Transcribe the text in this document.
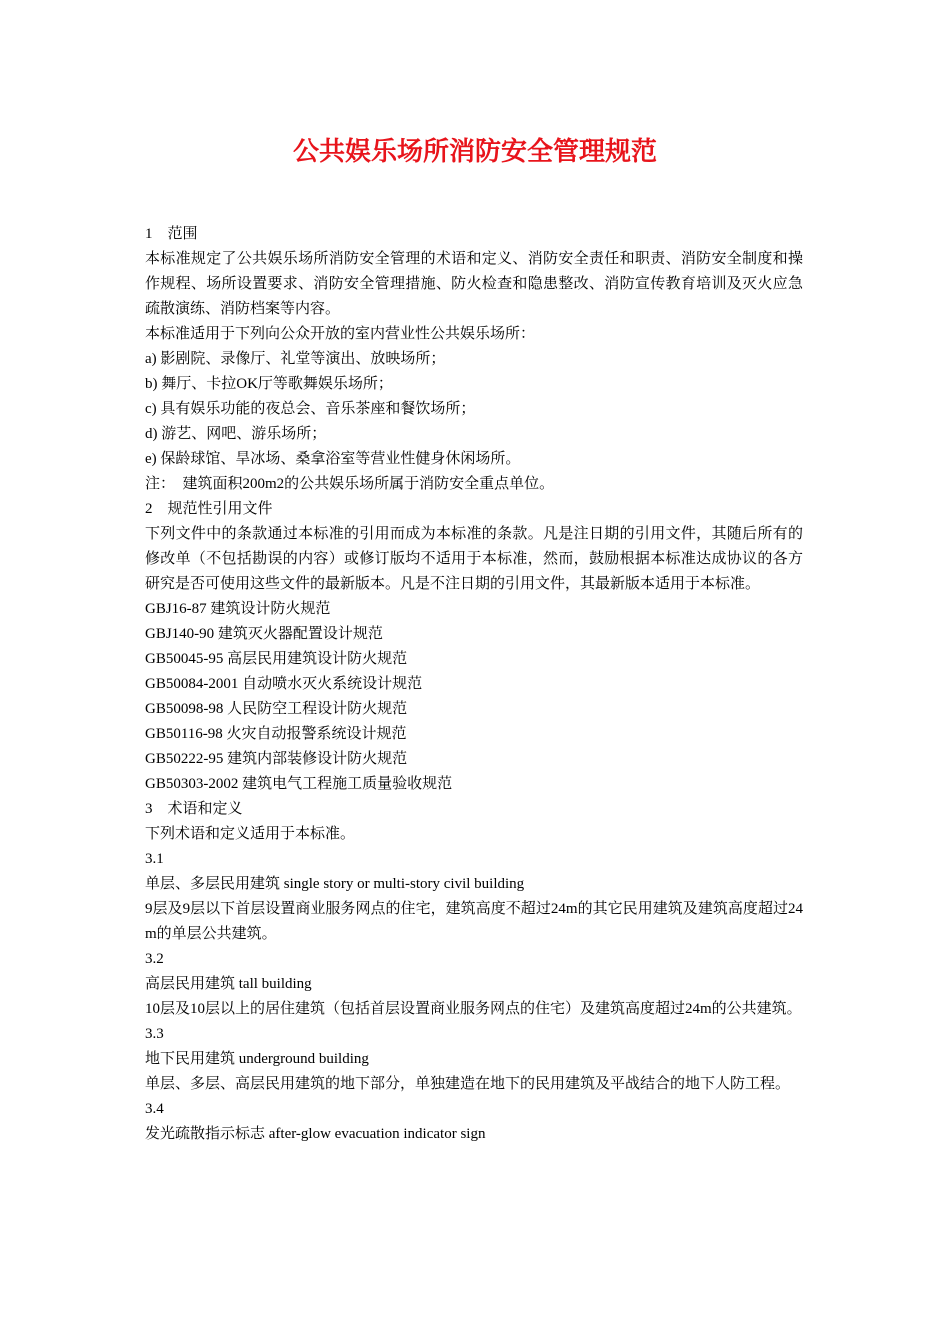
公共娱乐场所消防安全管理规范

1　范围

本标准规定了公共娱乐场所消防安全管理的术语和定义、消防安全责任和职责、消防安全制度和操作规程、场所设置要求、消防安全管理措施、防火检查和隐患整改、消防宣传教育培训及灭火应急疏散演练、消防档案等内容。

本标准适用于下列向公众开放的室内营业性公共娱乐场所：

a) 影剧院、录像厅、礼堂等演出、放映场所；

b) 舞厅、卡拉OK厅等歌舞娱乐场所；

c) 具有娱乐功能的夜总会、音乐茶座和餐饮场所；

d) 游艺、网吧、游乐场所；

e) 保龄球馆、旱冰场、桑拿浴室等营业性健身休闲场所。

注：　建筑面积200m2的公共娱乐场所属于消防安全重点单位。

2　规范性引用文件

下列文件中的条款通过本标准的引用而成为本标准的条款。凡是注日期的引用文件，其随后所有的修改单（不包括勘误的内容）或修订版均不适用于本标准，然而，鼓励根据本标准达成协议的各方研究是否可使用这些文件的最新版本。凡是不注日期的引用文件，其最新版本适用于本标准。

GBJ16-87 建筑设计防火规范

GBJ140-90 建筑灭火器配置设计规范

GB50045-95 高层民用建筑设计防火规范

GB50084-2001 自动喷水灭火系统设计规范

GB50098-98 人民防空工程设计防火规范

GB50116-98 火灾自动报警系统设计规范

GB50222-95 建筑内部装修设计防火规范

GB50303-2002 建筑电气工程施工质量验收规范

3　术语和定义

下列术语和定义适用于本标准。

3.1

单层、多层民用建筑 single story or multi-story civil building

9层及9层以下首层设置商业服务网点的住宅，建筑高度不超过24m的其它民用建筑及建筑高度超过24m的单层公共建筑。

3.2

高层民用建筑 tall building

10层及10层以上的居住建筑（包括首层设置商业服务网点的住宅）及建筑高度超过24m的公共建筑。

3.3

地下民用建筑 underground building

单层、多层、高层民用建筑的地下部分，单独建造在地下的民用建筑及平战结合的地下人防工程。

3.4

发光疏散指示标志 after-glow evacuation indicator sign
